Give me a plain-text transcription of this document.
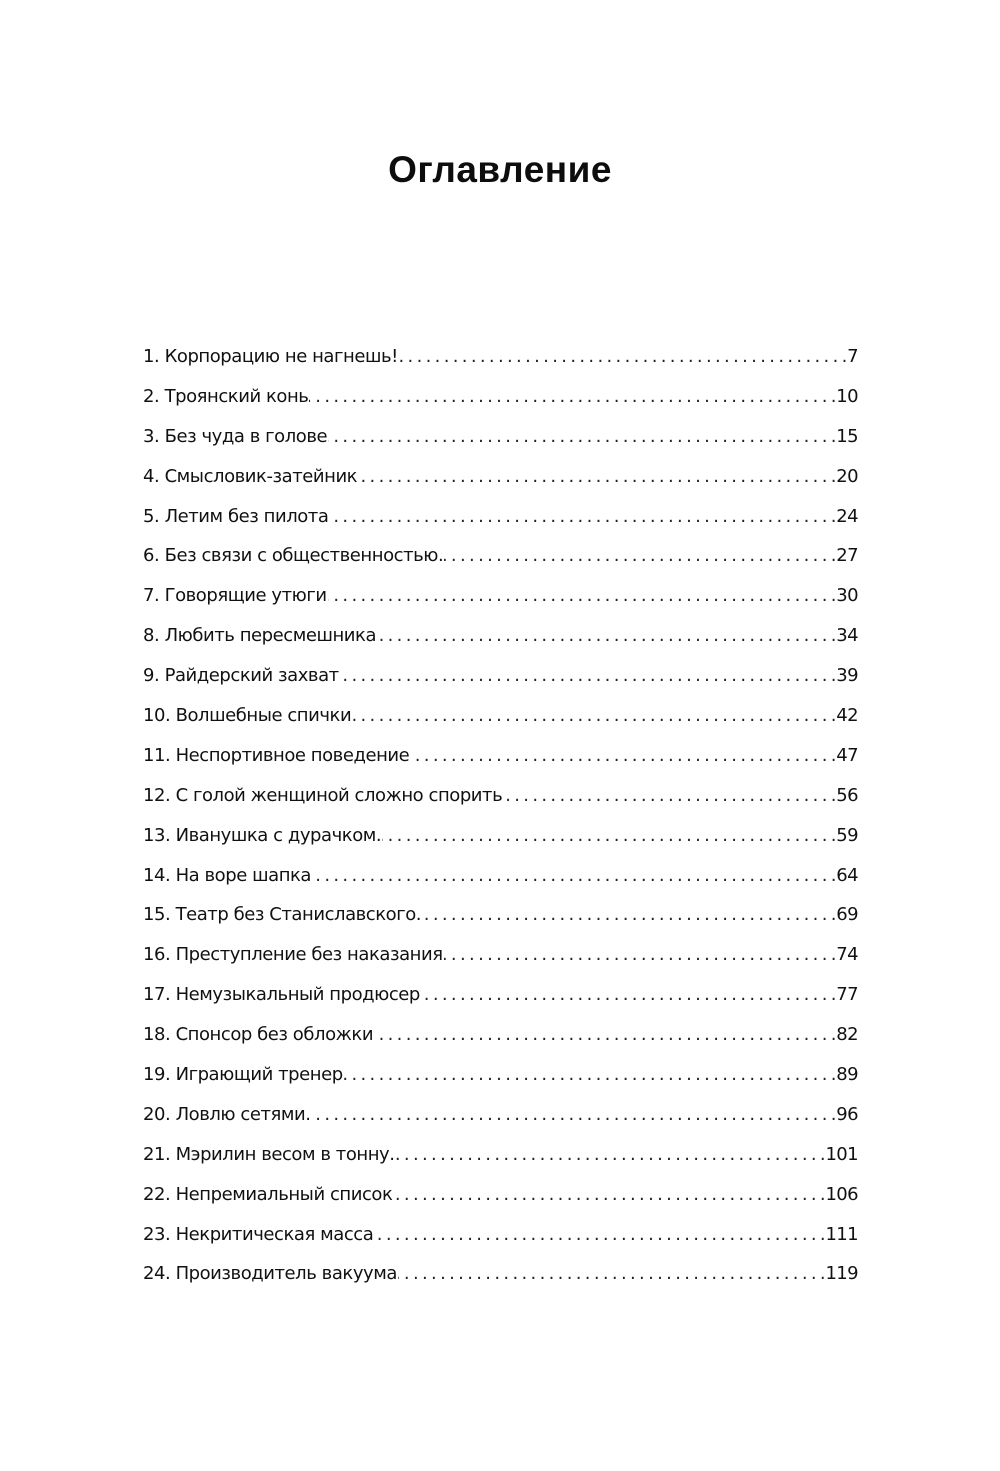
Оглавление
1. Корпорацию не нагнешь! . . .	7
2. Троянский конь . . .	10
3. Без чуда в голове . . .	15
4. Смысловик-затейник . . .	20
5. Летим без пилота . . .	24
6. Без связи с общественностью. . . .	27
7. Говорящие утюги . . .	30
8. Любить пересмешника . . .	34
9. Райдерский захват . . .	39
10. Волшебные спички . . .	42
11. Неспортивное поведение . . .	47
12. С голой женщиной сложно спорить . . .	56
13. Иванушка с дурачком. . . .	59
14. На воре шапка . . .	64
15. Театр без Станиславского. . . .	69
16. Преступление без наказания . . .	74
17. Немузыкальный продюсер . . .	77
18. Спонсор без обложки . . .	82
19. Играющий тренер . . .	89
20. Ловлю сетями. . . .	96
21. Мэрилин весом в тонну. . . .	101
22. Непремиальный список . . .	106
23. Некритическая масса . . .	111
24. Производитель вакуума . . .	119
